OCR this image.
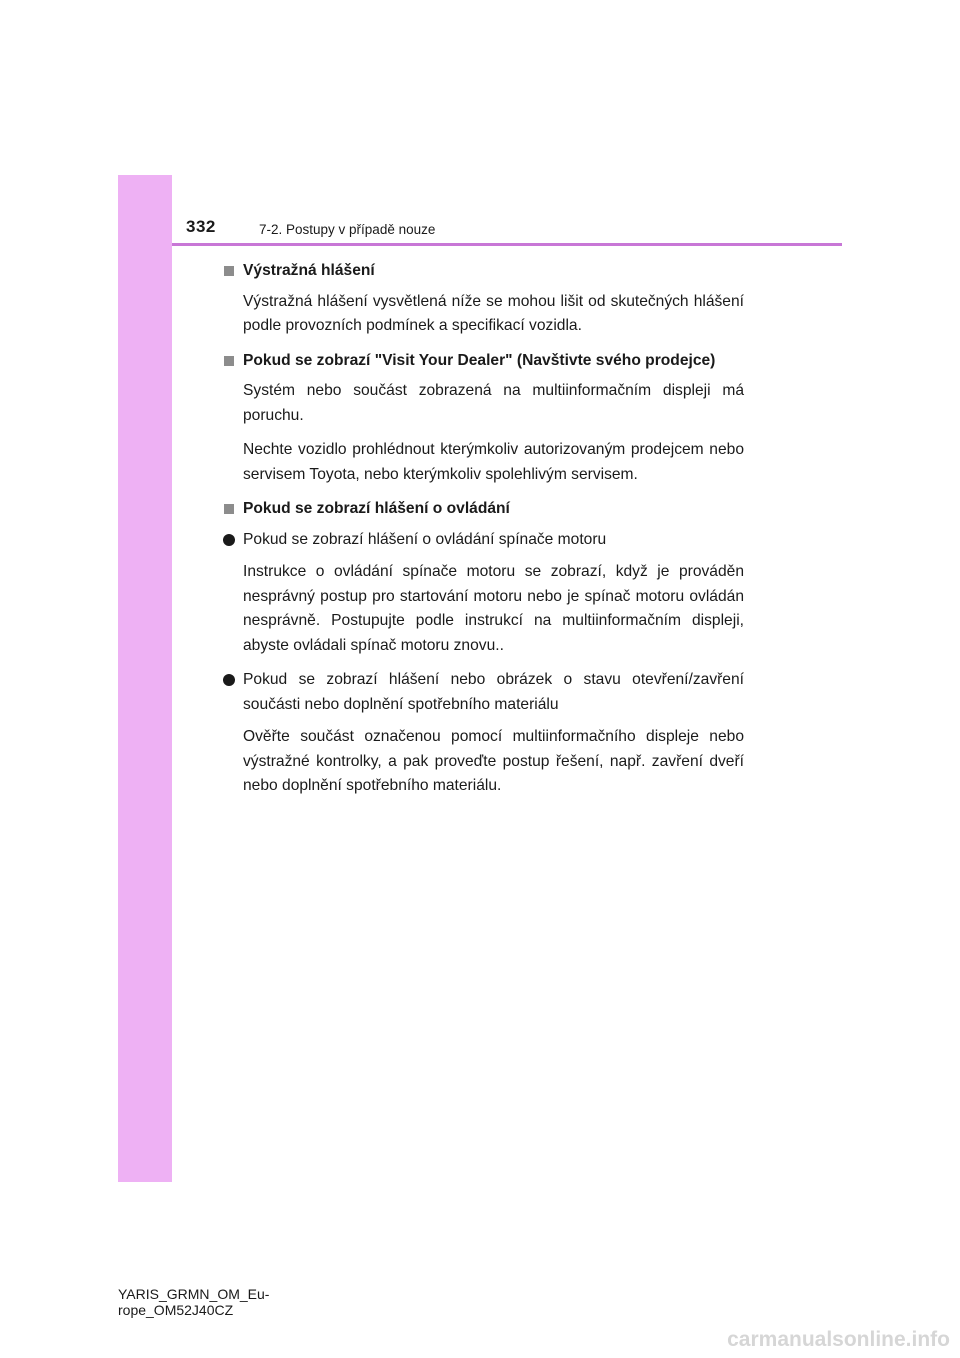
332	7-2. Postupy v případě nouze
Výstražná hlášení
Výstražná hlášení vysvětlená níže se mohou lišit od skutečných hlášení podle provozních podmínek a specifikací vozidla.
Pokud se zobrazí "Visit Your Dealer" (Navštivte svého prodejce)
Systém nebo součást zobrazená na multiinformačním displeji má poruchu.
Nechte vozidlo prohlédnout kterýmkoliv autorizovaným prodejcem nebo servisem Toyota, nebo kterýmkoliv spolehlivým servisem.
Pokud se zobrazí hlášení o ovládání
Pokud se zobrazí hlášení o ovládání spínače motoru
Instrukce o ovládání spínače motoru se zobrazí, když je prováděn nesprávný postup pro startování motoru nebo je spínač motoru ovládán nesprávně. Postupujte podle instrukcí na multiinformačním displeji, abyste ovládali spínač motoru znovu..
Pokud se zobrazí hlášení nebo obrázek o stavu otevření/zavření součásti nebo doplnění spotřebního materiálu
Ověřte součást označenou pomocí multiinformačního displeje nebo výstražné kontrolky, a pak proveďte postup řešení, např. zavření dveří nebo doplnění spotřebního materiálu.
YARIS_GRMN_OM_Eu-
rope_OM52J40CZ
carmanualsonline.info
